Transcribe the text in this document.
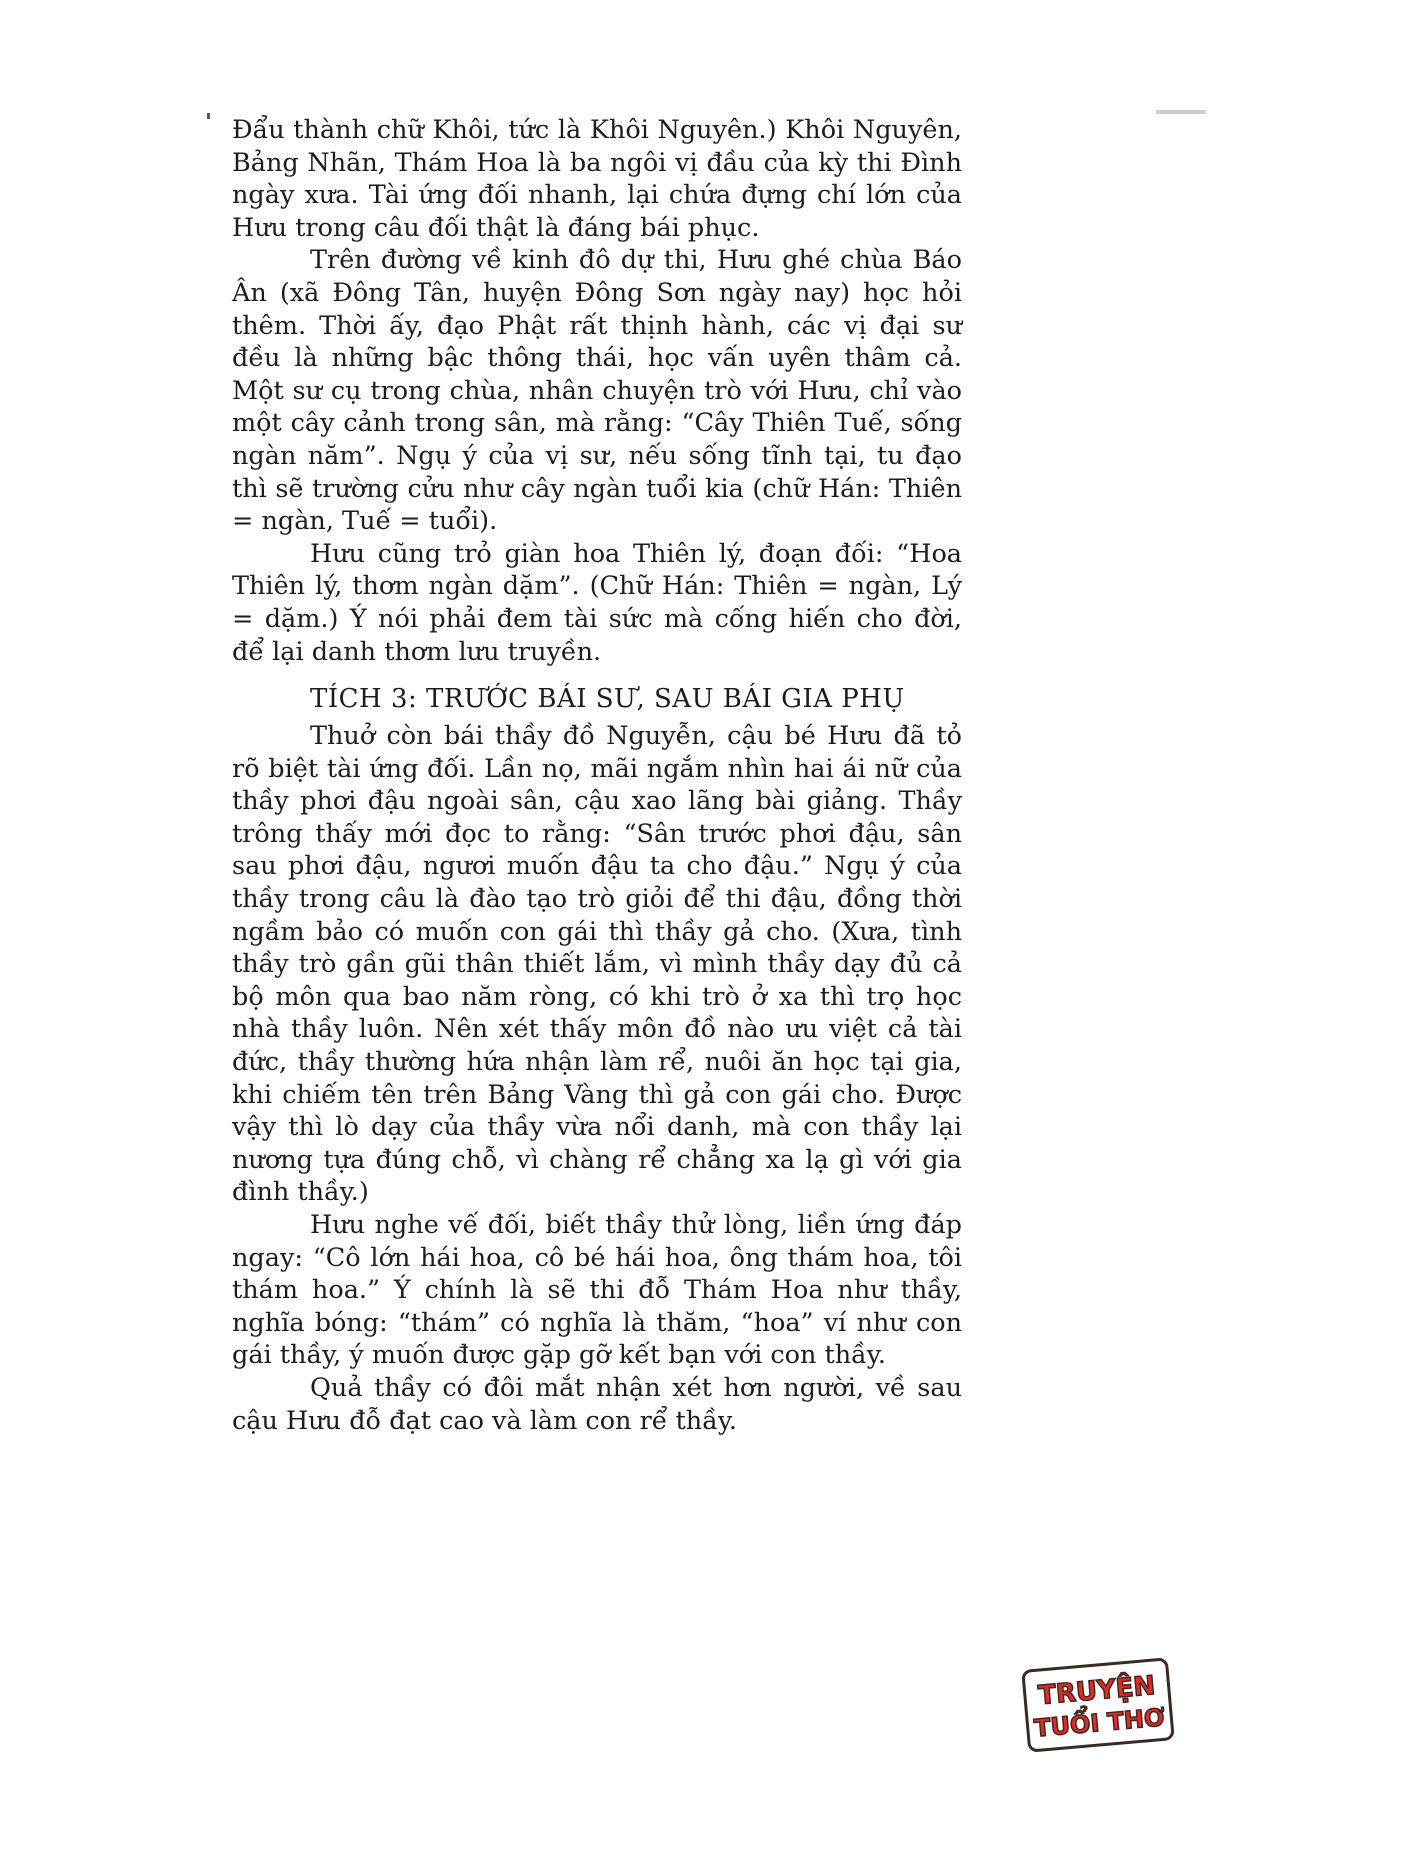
Đẩu thành chữ Khôi, tức là Khôi Nguyên.) Khôi Nguyên, Bảng Nhãn, Thám Hoa là ba ngôi vị đầu của kỳ thi Đình ngày xưa. Tài ứng đối nhanh, lại chứa đựng chí lớn của Hưu trong câu đối thật là đáng bái phục.

Trên đường về kinh đô dự thi, Hưu ghé chùa Báo Ân (xã Đông Tân, huyện Đông Sơn ngày nay) học hỏi thêm. Thời ấy, đạo Phật rất thịnh hành, các vị đại sư đều là những bậc thông thái, học vấn uyên thâm cả. Một sư cụ trong chùa, nhân chuyện trò với Hưu, chỉ vào một cây cảnh trong sân, mà rằng: “Cây Thiên Tuế, sống ngàn năm”. Ngụ ý của vị sư, nếu sống tĩnh tại, tu đạo thì sẽ trường cửu như cây ngàn tuổi kia (chữ Hán: Thiên = ngàn, Tuế = tuổi).

Hưu cũng trỏ giàn hoa Thiên lý, đoạn đối: “Hoa Thiên lý, thơm ngàn dặm”. (Chữ Hán: Thiên = ngàn, Lý = dặm.) Ý nói phải đem tài sức mà cống hiến cho đời, để lại danh thơm lưu truyền.

TÍCH 3: TRƯỚC BÁI SƯ, SAU BÁI GIA PHỤ

Thuở còn bái thầy đồ Nguyễn, cậu bé Hưu đã tỏ rõ biệt tài ứng đối. Lần nọ, mãi ngắm nhìn hai ái nữ của thầy phơi đậu ngoài sân, cậu xao lãng bài giảng. Thầy trông thấy mới đọc to rằng: “Sân trước phơi đậu, sân sau phơi đậu, ngươi muốn đậu ta cho đậu.” Ngụ ý của thầy trong câu là đào tạo trò giỏi để thi đậu, đồng thời ngầm bảo có muốn con gái thì thầy gả cho. (Xưa, tình thầy trò gần gũi thân thiết lắm, vì mình thầy dạy đủ cả bộ môn qua bao năm ròng, có khi trò ở xa thì trọ học nhà thầy luôn. Nên xét thấy môn đồ nào ưu việt cả tài đức, thầy thường hứa nhận làm rể, nuôi ăn học tại gia, khi chiếm tên trên Bảng Vàng thì gả con gái cho. Được vậy thì lò dạy của thầy vừa nổi danh, mà con thầy lại nương tựa đúng chỗ, vì chàng rể chẳng xa lạ gì với gia đình thầy.)

Hưu nghe vế đối, biết thầy thử lòng, liền ứng đáp ngay: “Cô lớn hái hoa, cô bé hái hoa, ông thám hoa, tôi thám hoa.” Ý chính là sẽ thi đỗ Thám Hoa như thầy, nghĩa bóng: “thám” có nghĩa là thăm, “hoa” ví như con gái thầy, ý muốn được gặp gỡ kết bạn với con thầy.

Quả thầy có đôi mắt nhận xét hơn người, về sau cậu Hưu đỗ đạt cao và làm con rể thầy.

TRUYỆN
TUỔI THƠ
